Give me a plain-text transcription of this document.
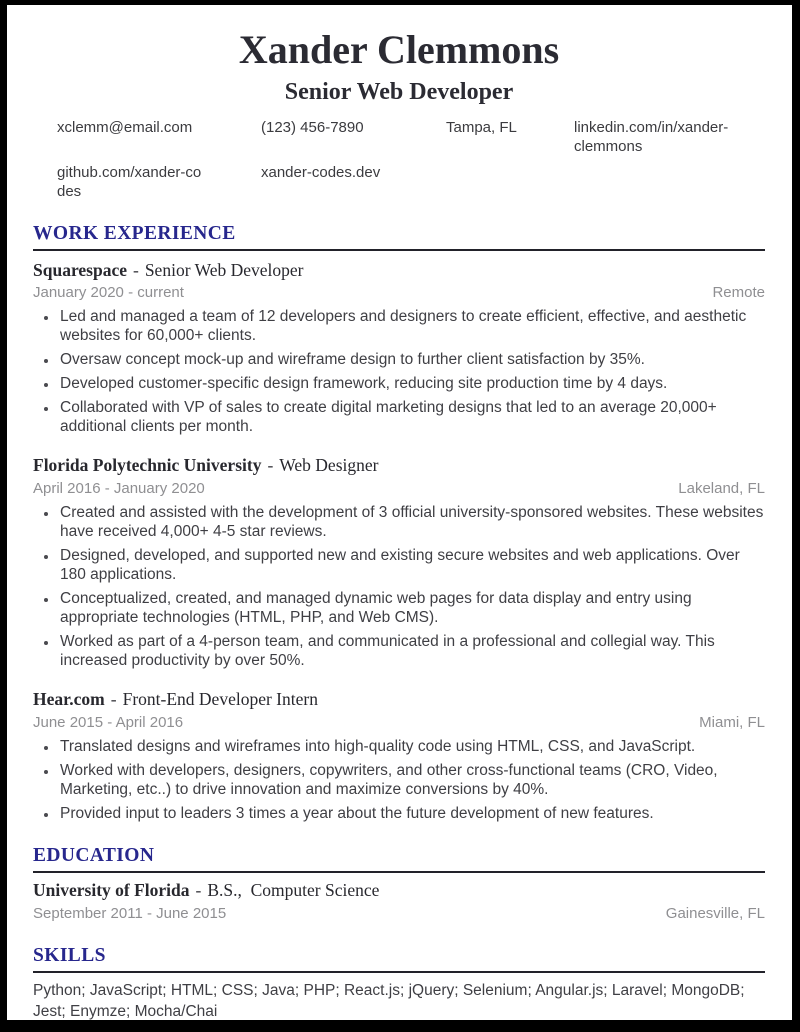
Xander Clemmons
Senior Web Developer
xclemm@email.com	(123) 456-7890	Tampa, FL	linkedin.com/in/xander-clemmons
github.com/xander-codes
xander-codes.dev
WORK EXPERIENCE
Squarespace - Senior Web Developer
January 2020 - current	Remote
• Led and managed a team of 12 developers and designers to create efficient, effective, and aesthetic websites for 60,000+ clients.
• Oversaw concept mock-up and wireframe design to further client satisfaction by 35%.
• Developed customer-specific design framework, reducing site production time by 4 days.
• Collaborated with VP of sales to create digital marketing designs that led to an average 20,000+ additional clients per month.
Florida Polytechnic University - Web Designer
April 2016 - January 2020	Lakeland, FL
• Created and assisted with the development of 3 official university-sponsored websites. These websites have received 4,000+ 4-5 star reviews.
• Designed, developed, and supported new and existing secure websites and web applications. Over 180 applications.
• Conceptualized, created, and managed dynamic web pages for data display and entry using appropriate technologies (HTML, PHP, and Web CMS).
• Worked as part of a 4-person team, and communicated in a professional and collegial way. This increased productivity by over 50%.
Hear.com - Front-End Developer Intern
June 2015 - April 2016	Miami, FL
• Translated designs and wireframes into high-quality code using HTML, CSS, and JavaScript.
• Worked with developers, designers, copywriters, and other cross-functional teams (CRO, Video, Marketing, etc..) to drive innovation and maximize conversions by 40%.
• Provided input to leaders 3 times a year about the future development of new features.
EDUCATION
University of Florida - B.S.,  Computer Science
September 2011 - June 2015	Gainesville, FL
SKILLS

Python; JavaScript; HTML; CSS; Java; PHP; React.js; jQuery; Selenium; Angular.js; Laravel; MongoDB; Jest; Enymze; Mocha/Chai
